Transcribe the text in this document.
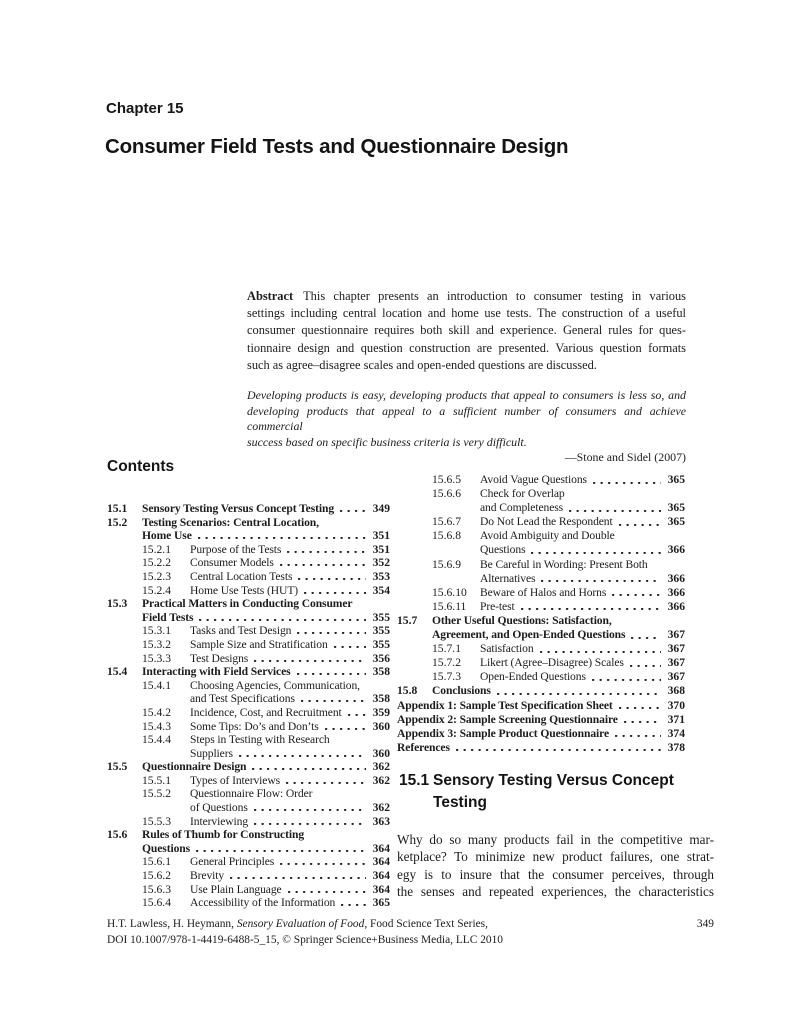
Chapter 15
Consumer Field Tests and Questionnaire Design
Abstract This chapter presents an introduction to consumer testing in various
settings including central location and home use tests. The construction of a useful
consumer questionnaire requires both skill and experience. General rules for ques-
tionnaire design and question construction are presented. Various question formats
such as agree–disagree scales and open-ended questions are discussed.
Developing products is easy, developing products that appeal to consumers is less so, and
developing products that appeal to a sufficient number of consumers and achieve commercial
success based on specific business criteria is very difficult.
—Stone and Sidel (2007)
Contents
15.1	Sensory Testing Versus Concept Testing	349
15.2	Testing Scenarios: Central Location,
Home Use	351
15.2.1	Purpose of the Tests	351
15.2.2	Consumer Models	352
15.2.3	Central Location Tests	353
15.2.4	Home Use Tests (HUT)	354
15.3	Practical Matters in Conducting Consumer
Field Tests	355
15.3.1	Tasks and Test Design	355
15.3.2	Sample Size and Stratification	355
15.3.3	Test Designs	356
15.4	Interacting with Field Services	358
15.4.1	Choosing Agencies, Communication,
and Test Specifications	358
15.4.2	Incidence, Cost, and Recruitment	359
15.4.3	Some Tips: Do’s and Don’ts	360
15.4.4	Steps in Testing with Research
Suppliers	360
15.5	Questionnaire Design	362
15.5.1	Types of Interviews	362
15.5.2	Questionnaire Flow: Order
of Questions	362
15.5.3	Interviewing	363
15.6	Rules of Thumb for Constructing
Questions	364
15.6.1	General Principles	364
15.6.2	Brevity	364
15.6.3	Use Plain Language	364
15.6.4	Accessibility of the Information	365
15.6.5	Avoid Vague Questions	365
15.6.6	Check for Overlap
and Completeness	365
15.6.7	Do Not Lead the Respondent	365
15.6.8	Avoid Ambiguity and Double
Questions	366
15.6.9	Be Careful in Wording: Present Both
Alternatives	366
15.6.10	Beware of Halos and Horns	366
15.6.11	Pre-test	366
15.7	Other Useful Questions: Satisfaction,
Agreement, and Open-Ended Questions	367
15.7.1	Satisfaction	367
15.7.2	Likert (Agree–Disagree) Scales	367
15.7.3	Open-Ended Questions	367
15.8	Conclusions	368
Appendix 1: Sample Test Specification Sheet	370
Appendix 2: Sample Screening Questionnaire	371
Appendix 3: Sample Product Questionnaire	374
References	378
15.1 Sensory Testing Versus Concept Testing
Why do so many products fail in the competitive mar-
ketplace? To minimize new product failures, one strat-
egy is to insure that the consumer perceives, through
the senses and repeated experiences, the characteristics
H.T. Lawless, H. Heymann, Sensory Evaluation of Food, Food Science Text Series,	349
DOI 10.1007/978-1-4419-6488-5_15, © Springer Science+Business Media, LLC 2010
